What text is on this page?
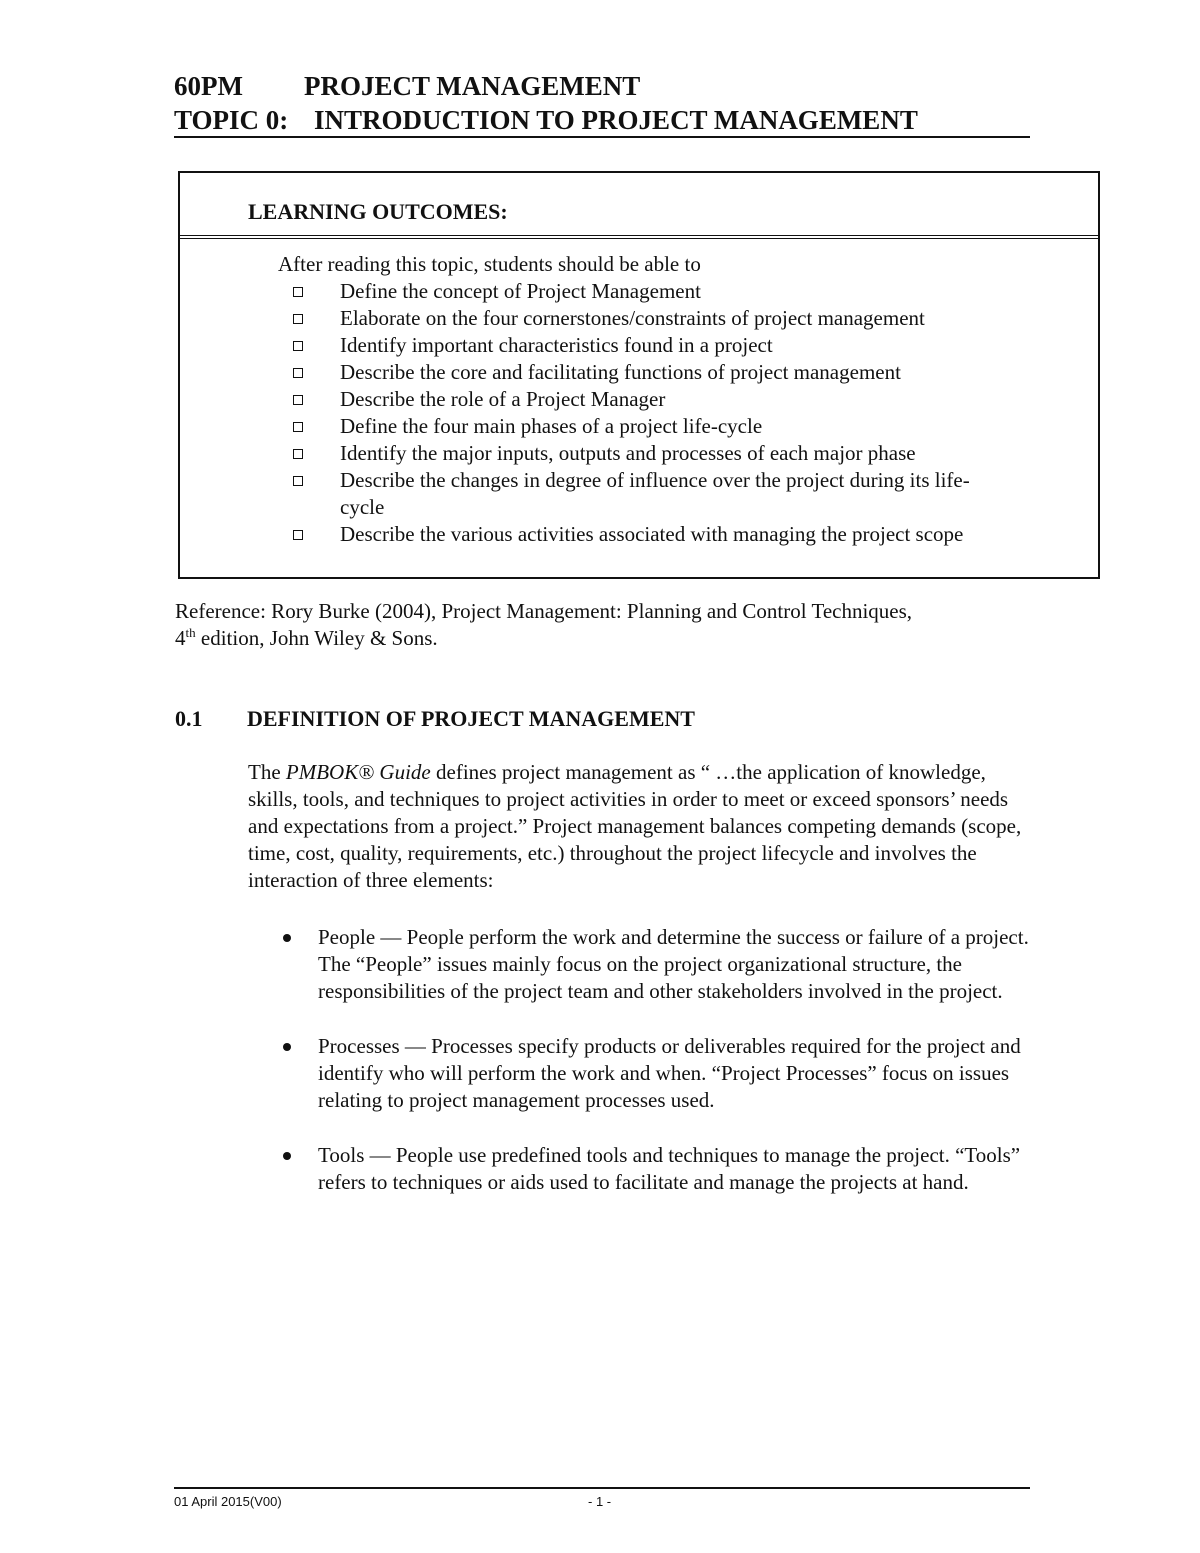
60PM PROJECT MANAGEMENT
TOPIC 0: INTRODUCTION TO PROJECT MANAGEMENT
LEARNING OUTCOMES:
After reading this topic, students should be able to
Define the concept of Project Management
Elaborate on the four cornerstones/constraints of project management
Identify important characteristics found in a project
Describe the core and facilitating functions of project management
Describe the role of a Project Manager
Define the four main phases of a project life-cycle
Identify the major inputs, outputs and processes of each major phase
Describe the changes in degree of influence over the project during its life-cycle
Describe the various activities associated with managing the project scope
Reference: Rory Burke (2004), Project Management: Planning and Control Techniques,
4th edition, John Wiley & Sons.
0.1 DEFINITION OF PROJECT MANAGEMENT
The PMBOK® Guide defines project management as “ …the application of knowledge, skills, tools, and techniques to project activities in order to meet or exceed sponsors’ needs and expectations from a project.” Project management balances competing demands (scope, time, cost, quality, requirements, etc.) throughout the project lifecycle and involves the interaction of three elements:
People — People perform the work and determine the success or failure of a project. The “People” issues mainly focus on the project organizational structure, the responsibilities of the project team and other stakeholders involved in the project.
Processes — Processes specify products or deliverables required for the project and identify who will perform the work and when. “Project Processes” focus on issues relating to project management processes used.
Tools — People use predefined tools and techniques to manage the project. “Tools” refers to techniques or aids used to facilitate and manage the projects at hand.
01 April 2015(V00)	- 1 -
